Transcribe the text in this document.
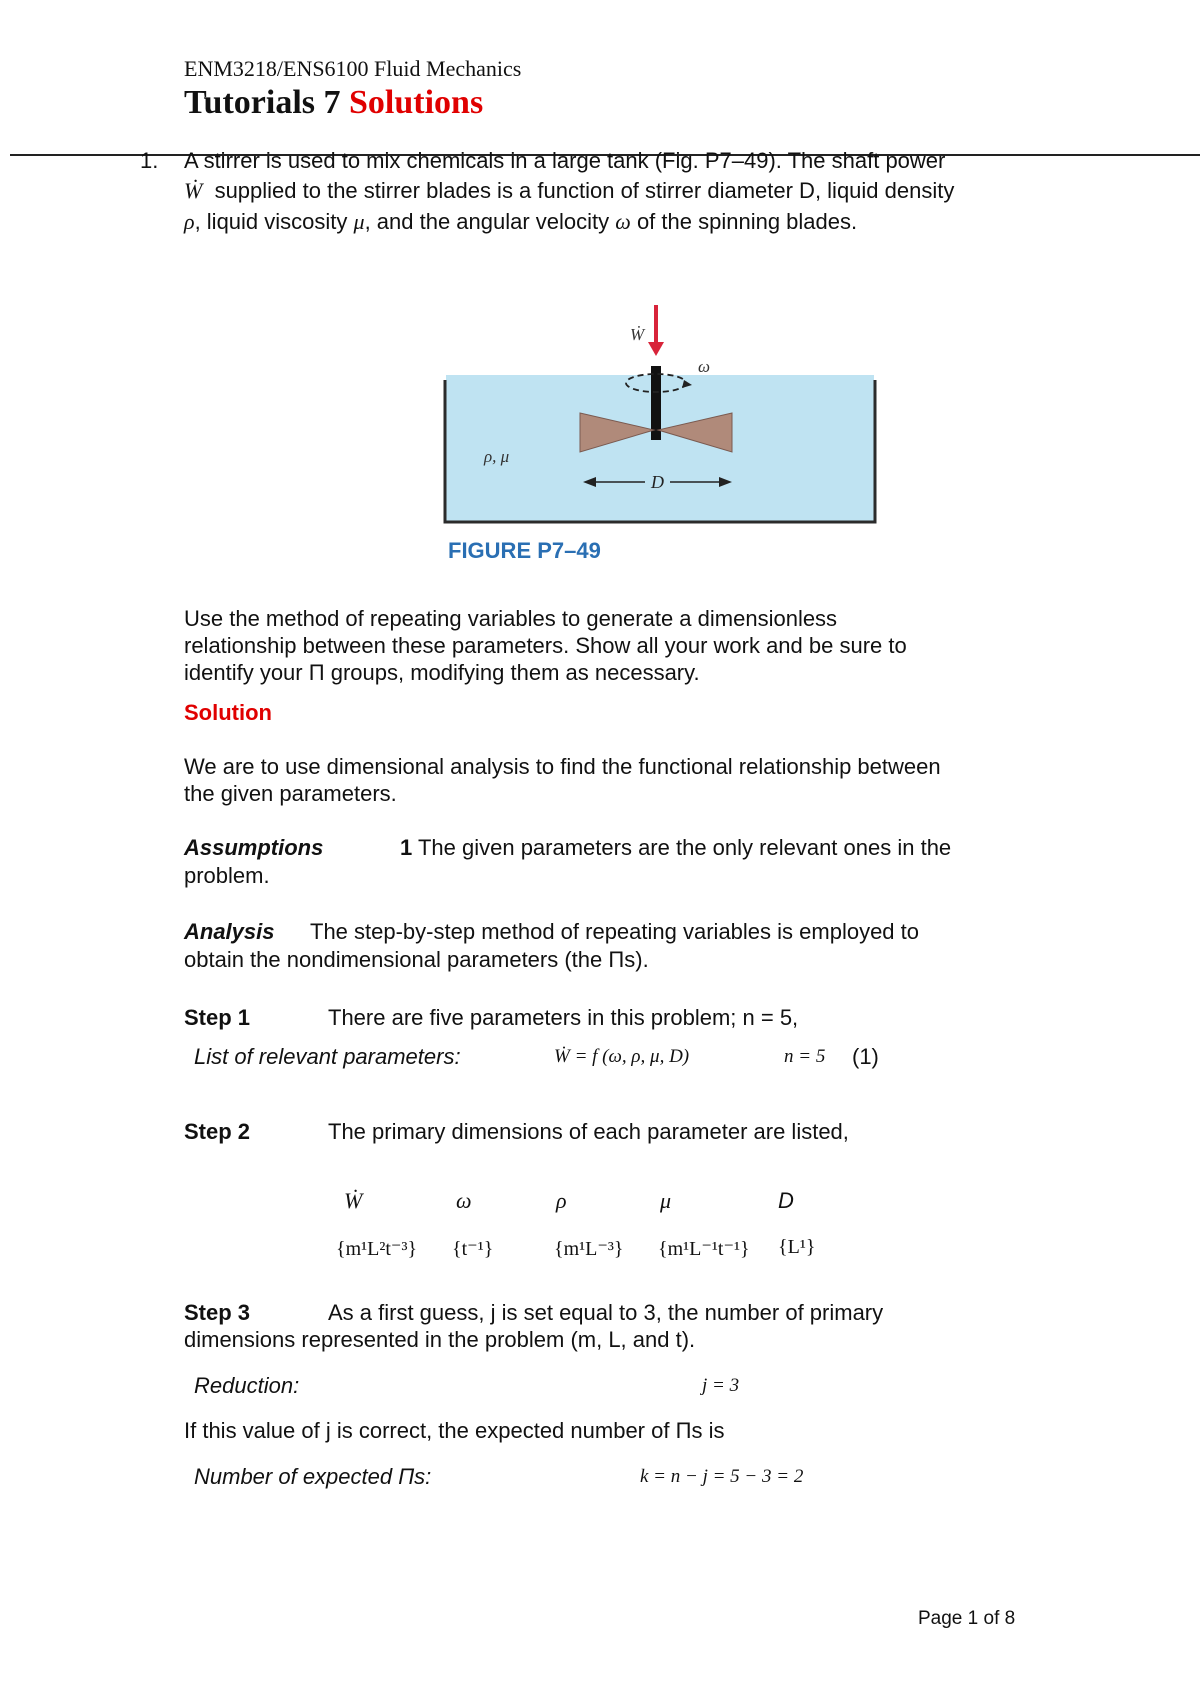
ENM3218/ENS6100 Fluid Mechanics
Tutorials 7 Solutions
1. A stirrer is used to mix chemicals in a large tank (Fig. P7–49). The shaft power
Ẇ supplied to the stirrer blades is a function of stirrer diameter D, liquid density
ρ, liquid viscosity μ, and the angular velocity ω of the spinning blades.
Ẇ
ω
D
ρ, μ
FIGURE P7–49
Use the method of repeating variables to generate a dimensionless
relationship between these parameters. Show all your work and be sure to
identify your Π groups, modifying them as necessary.
Solution
We are to use dimensional analysis to find the functional relationship between
the given parameters.
Assumptions	1 The given parameters are the only relevant ones in the
problem.
Analysis The step-by-step method of repeating variables is employed to
obtain the nondimensional parameters (the Πs).
Step 1	There are five parameters in this problem; n = 5,
List of relevant parameters:	Ẇ = f (ω, ρ, μ, D)	n = 5 (1)
Step 2	The primary dimensions of each parameter are listed,
Ẇ	ω	ρ	μ	D
{m¹L²t⁻³} {t⁻¹}	{m¹L⁻³} {m¹L⁻¹t⁻¹} {L¹}
Step 3	As a first guess, j is set equal to 3, the number of primary
dimensions represented in the problem (m, L, and t).
Reduction:	j = 3
If this value of j is correct, the expected number of Πs is
Number of expected Πs:	k = n − j = 5 − 3 = 2
Page 1 of 8
